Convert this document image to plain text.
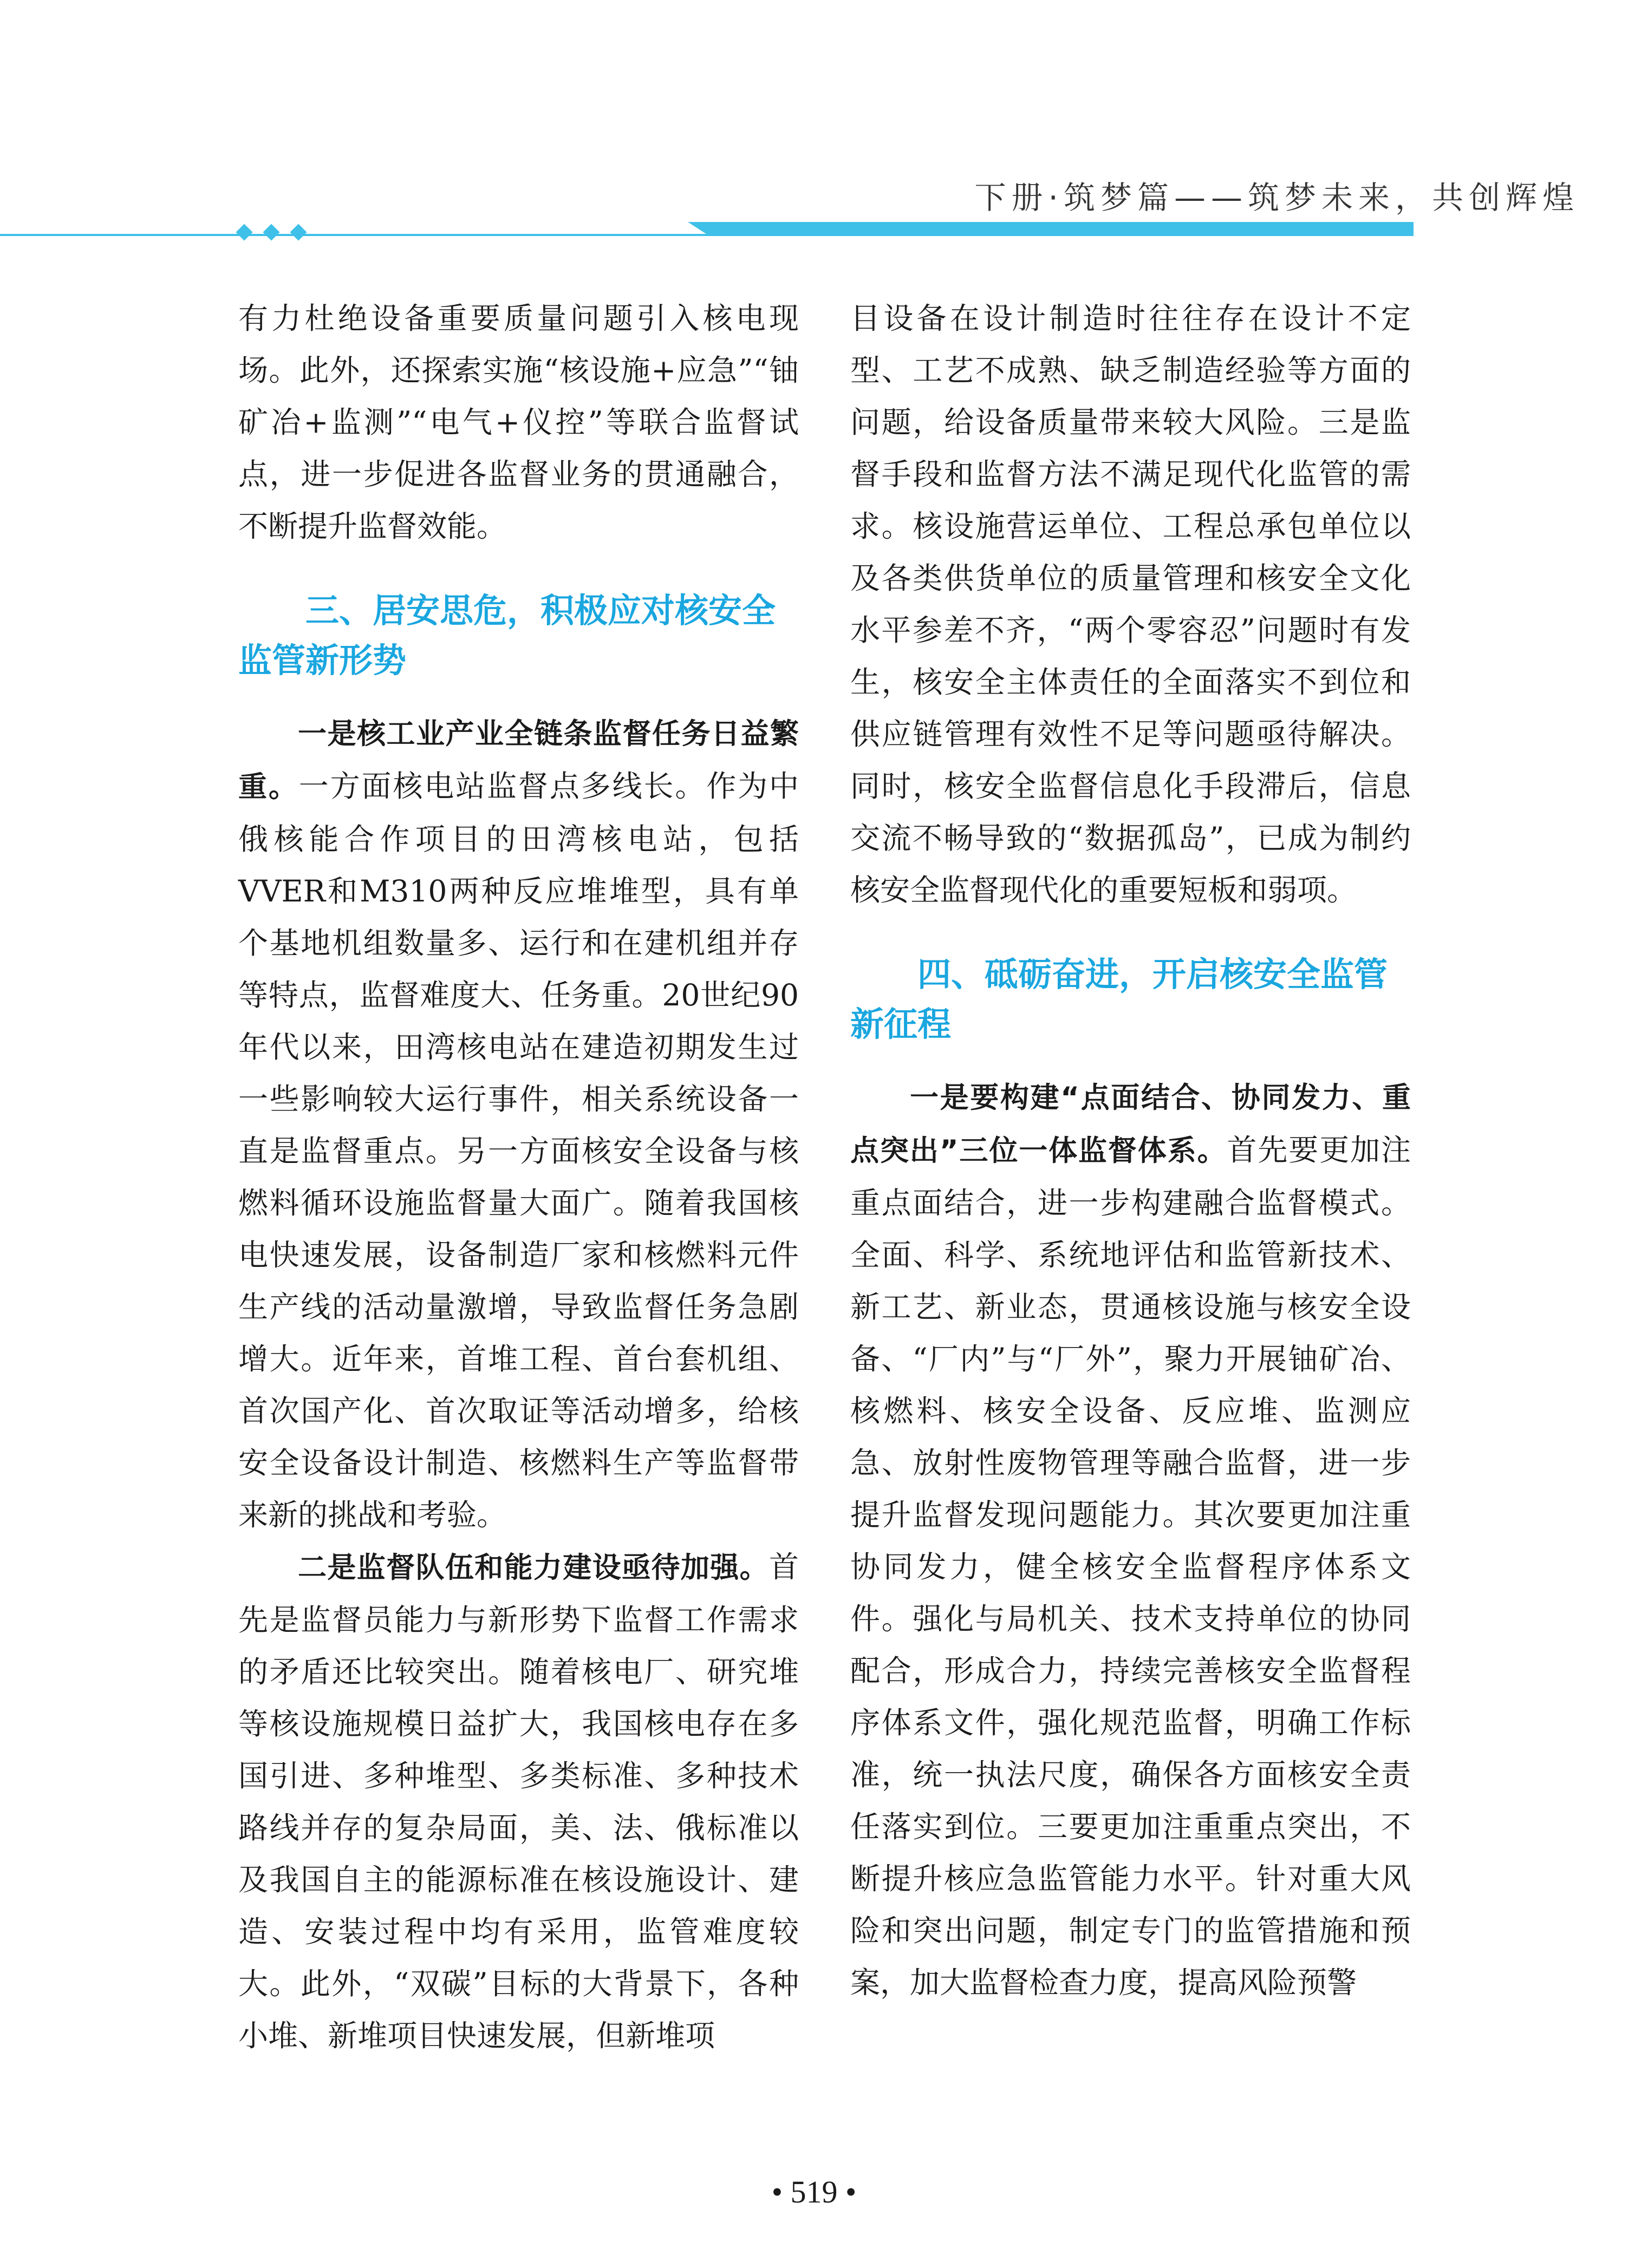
下册·筑梦篇——筑梦未来，共创辉煌

有力杜绝设备重要质量问题引入核电现场。此外，还探索实施“核设施+应急”“铀矿冶+监测”“电气+仪控”等联合监督试点，进一步促进各监督业务的贯通融合，不断提升监督效能。

三、居安思危，积极应对核安全监管新形势

一是核工业产业全链条监督任务日益繁重。一方面核电站监督点多线长。作为中俄核能合作项目的田湾核电站，包括VVER和M310两种反应堆堆型，具有单个基地机组数量多、运行和在建机组并存等特点，监督难度大、任务重。20世纪90年代以来，田湾核电站在建造初期发生过一些影响较大运行事件，相关系统设备一直是监督重点。另一方面核安全设备与核燃料循环设施监督量大面广。随着我国核电快速发展，设备制造厂家和核燃料元件生产线的活动量激增，导致监督任务急剧增大。近年来，首堆工程、首台套机组、首次国产化、首次取证等活动增多，给核安全设备设计制造、核燃料生产等监督带来新的挑战和考验。

二是监督队伍和能力建设亟待加强。首先是监督员能力与新形势下监督工作需求的矛盾还比较突出。随着核电厂、研究堆等核设施规模日益扩大，我国核电存在多国引进、多种堆型、多类标准、多种技术路线并存的复杂局面，美、法、俄标准以及我国自主的能源标准在核设施设计、建造、安装过程中均有采用，监管难度较大。此外，“双碳”目标的大背景下，各种小堆、新堆项目快速发展，但新堆项

目设备在设计制造时往往存在设计不定型、工艺不成熟、缺乏制造经验等方面的问题，给设备质量带来较大风险。三是监督手段和监督方法不满足现代化监管的需求。核设施营运单位、工程总承包单位以及各类供货单位的质量管理和核安全文化水平参差不齐，“两个零容忍”问题时有发生，核安全主体责任的全面落实不到位和供应链管理有效性不足等问题亟待解决。同时，核安全监督信息化手段滞后，信息交流不畅导致的“数据孤岛”，已成为制约核安全监督现代化的重要短板和弱项。

四、砥砺奋进，开启核安全监管新征程

一是要构建“点面结合、协同发力、重点突出”三位一体监督体系。首先要更加注重点面结合，进一步构建融合监督模式。全面、科学、系统地评估和监管新技术、新工艺、新业态，贯通核设施与核安全设备、“厂内”与“厂外”，聚力开展铀矿冶、核燃料、核安全设备、反应堆、监测应急、放射性废物管理等融合监督，进一步提升监督发现问题能力。其次要更加注重协同发力，健全核安全监督程序体系文件。强化与局机关、技术支持单位的协同配合，形成合力，持续完善核安全监督程序体系文件，强化规范监督，明确工作标准，统一执法尺度，确保各方面核安全责任落实到位。三要更加注重重点突出，不断提升核应急监管能力水平。针对重大风险和突出问题，制定专门的监管措施和预案，加大监督检查力度，提高风险预警

• 519 •
